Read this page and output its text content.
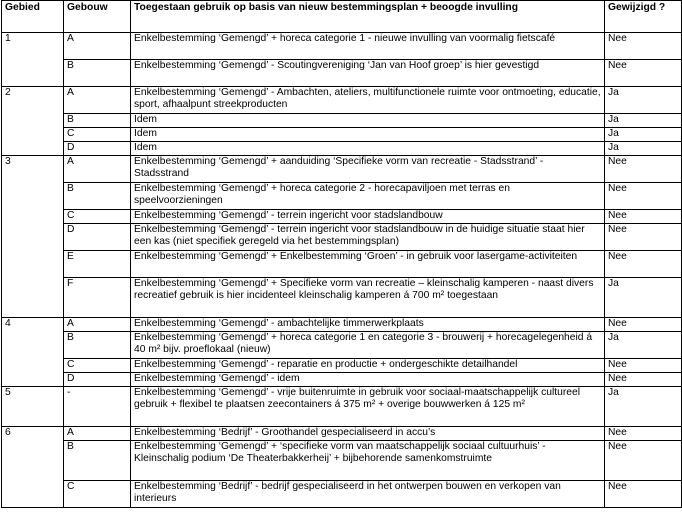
Gebied	Gebouw	Toegestaan gebruik op basis van nieuw bestemmingsplan + beoogde invulling	Gewijzigd ?
1	A	Enkelbestemming ‘Gemengd’ + horeca categorie 1 - nieuwe invulling van voormalig fietscafé	Nee
	B	Enkelbestemming ‘Gemengd’ - Scoutingvereniging ‘Jan van Hoof groep’ is hier gevestigd	Nee
2	A	Enkelbestemming ‘Gemengd’ - Ambachten, ateliers, multifunctionele ruimte voor ontmoeting, educatie, sport, afhaalpunt streekproducten	Ja
	B	Idem	Ja
	C	Idem	Ja
	D	Idem	Ja
3	A	Enkelbestemming ‘Gemengd’ + aanduiding ‘Specifieke vorm van recreatie - Stadsstrand’ - Stadsstrand	Nee
	B	Enkelbestemming ‘Gemengd’ + horeca categorie 2 - horecapaviljoen met terras en speelvoorzieningen	Nee
	C	Enkelbestemming ‘Gemengd’ - terrein ingericht voor stadslandbouw	Nee
	D	Enkelbestemming ‘Gemengd’ - terrein ingericht voor stadslandbouw in de huidige situatie staat hier een kas (niet specifiek geregeld via het bestemmingsplan)	Nee
	E	Enkelbestemming ‘Gemengd’ + Enkelbestemming ‘Groen’ - in gebruik voor lasergame-activiteiten	Nee
	F	Enkelbestemming ‘Gemengd’ + Specifieke vorm van recreatie – kleinschalig kamperen - naast divers recreatief gebruik is hier incidenteel kleinschalig kamperen á 700 m² toegestaan	Ja
4	A	Enkelbestemming ‘Gemengd’ - ambachtelijke timmerwerkplaats	Nee
	B	Enkelbestemming ‘Gemengd’ + horeca categorie 1 en categorie 3 - brouwerij + horecagelegenheid á 40 m² bijv. proeflokaal (nieuw)	Ja
	C	Enkelbestemming ‘Gemengd’ - reparatie en productie + ondergeschikte detailhandel	Nee
	D	Enkelbestemming ‘Gemengd’ - idem	Nee
5	-	Enkelbestemming ‘Gemengd’ - vrije buitenruimte in gebruik voor sociaal-maatschappelijk cultureel gebruik + flexibel te plaatsen zeecontainers á 375 m² + overige bouwwerken á 125 m²	Ja
6	A	Enkelbestemming ‘Bedrijf’ - Groothandel gespecialiseerd in accu’s	Nee
	B	Enkelbestemming ‘Gemengd’ + ‘specifieke vorm van maatschappelijk sociaal cultuurhuis’ - Kleinschalig podium ‘De Theaterbakkerheij’ + bijbehorende samenkomstruimte	Nee
	C	Enkelbestemming ‘Bedrijf’ - bedrijf gespecialiseerd in het ontwerpen bouwen en verkopen van interieurs	Nee
